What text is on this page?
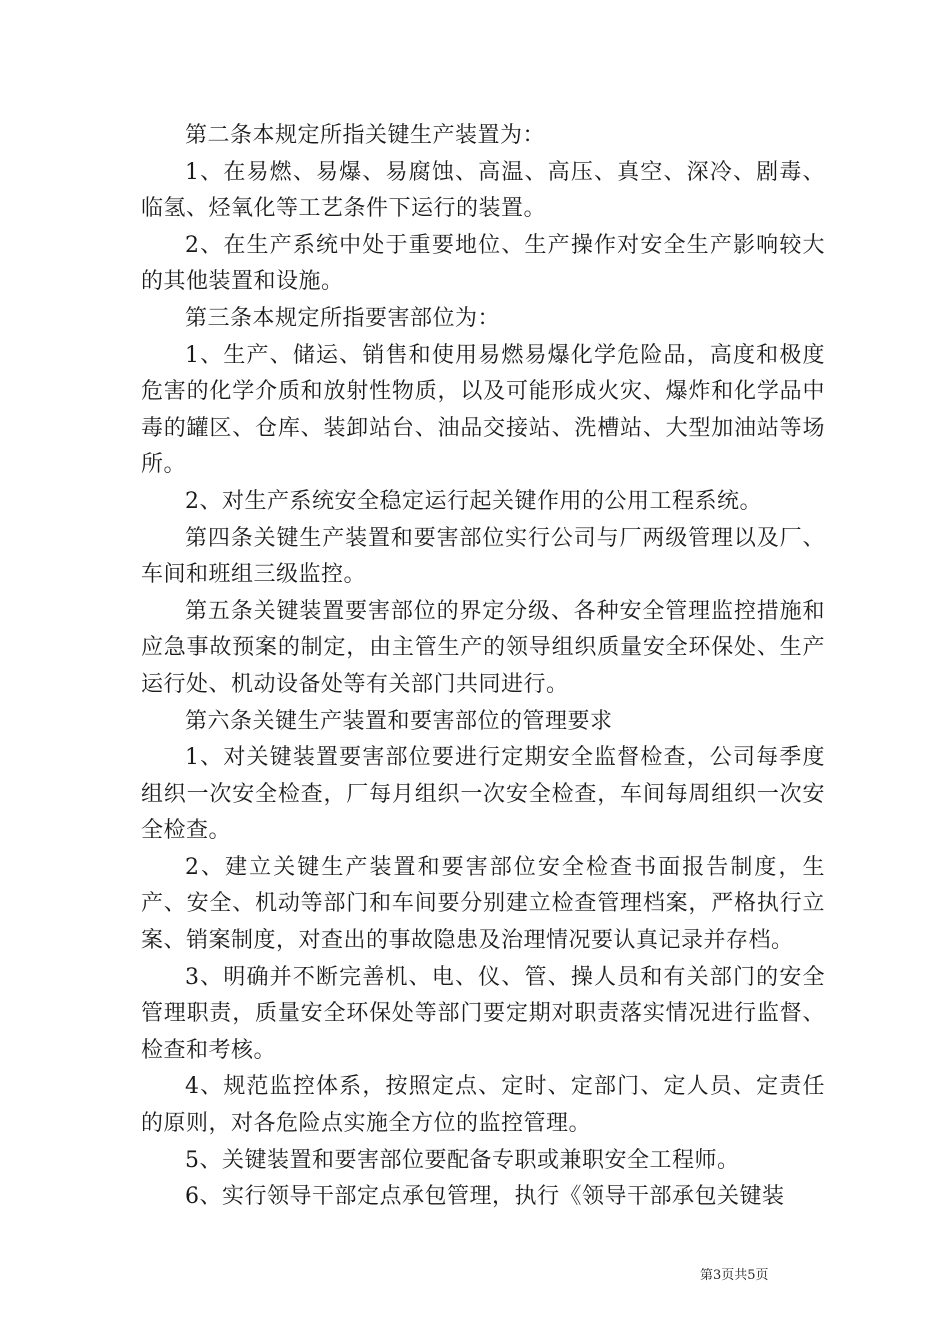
第二条本规定所指关键生产装置为：

1、在易燃、易爆、易腐蚀、高温、高压、真空、深冷、剧毒、临氢、烃氧化等工艺条件下运行的装置。

2、在生产系统中处于重要地位、生产操作对安全生产影响较大的其他装置和设施。

第三条本规定所指要害部位为：

1、生产、储运、销售和使用易燃易爆化学危险品，高度和极度危害的化学介质和放射性物质，以及可能形成火灾、爆炸和化学品中毒的罐区、仓库、装卸站台、油品交接站、洗槽站、大型加油站等场所。

2、对生产系统安全稳定运行起关键作用的公用工程系统。

第四条关键生产装置和要害部位实行公司与厂两级管理以及厂、车间和班组三级监控。

第五条关键装置要害部位的界定分级、各种安全管理监控措施和应急事故预案的制定，由主管生产的领导组织质量安全环保处、生产运行处、机动设备处等有关部门共同进行。

第六条关键生产装置和要害部位的管理要求

1、对关键装置要害部位要进行定期安全监督检查，公司每季度组织一次安全检查，厂每月组织一次安全检查，车间每周组织一次安全检查。

2、建立关键生产装置和要害部位安全检查书面报告制度，生产、安全、机动等部门和车间要分别建立检查管理档案，严格执行立案、销案制度，对查出的事故隐患及治理情况要认真记录并存档。

3、明确并不断完善机、电、仪、管、操人员和有关部门的安全管理职责，质量安全环保处等部门要定期对职责落实情况进行监督、检查和考核。

4、规范监控体系，按照定点、定时、定部门、定人员、定责任的原则，对各危险点实施全方位的监控管理。

5、关键装置和要害部位要配备专职或兼职安全工程师。

6、实行领导干部定点承包管理，执行《领导干部承包关键装

第3页共5页
